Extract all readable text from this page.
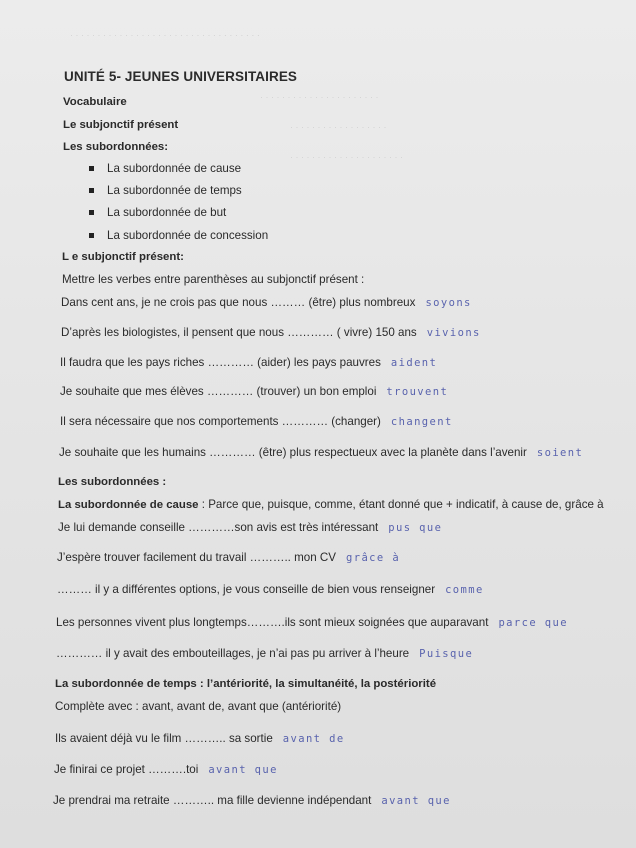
· · · · · · · · · · · · · · · · · · · · · · · · · · · · · · · · · · ·
· · · · · · · · · · · · · · · · · · · · · ·
· · · · · · · · · · · · · · · · · ·
· · · · · · · · · · · · · · · · · · · · ·
UNITÉ 5- JEUNES UNIVERSITAIRES
Vocabulaire
Le subjonctif présent
Les subordonnées:
La subordonnée de cause
La subordonnée de temps
La subordonnée de but
La subordonnée de concession
L e subjonctif présent:
Mettre les verbes entre parenthèses au subjonctif présent :
Dans cent ans, je ne crois pas que nous ……… (être) plus nombreux soyons
D’après les biologistes, il pensent que nous ………… ( vivre) 150 ans vivions
Il faudra que les pays riches ………… (aider) les pays pauvres aident
Je souhaite que mes élèves ………… (trouver) un bon emploi trouvent
Il sera nécessaire que nos comportements ………… (changer) changent
Je souhaite que les humains ………… (être) plus respectueux avec la planète dans l’avenir soient
Les subordonnées :
La subordonnée de cause : Parce que, puisque, comme, étant donné que + indicatif, à cause de, grâce à
Je lui demande conseille …………son avis est très intéressant pus que
J’espère trouver facilement du travail ……….. mon CV grâce à
……… il y a différentes options, je vous conseille de bien vous renseigner comme
Les personnes vivent plus longtemps……….ils sont mieux soignées que auparavant parce que
………… il y avait des embouteillages, je n’ai pas pu arriver à l’heure Puisque
La subordonnée de temps : l’antériorité, la simultanéité, la postériorité
Complète avec : avant, avant de, avant que (antériorité)
Ils avaient déjà vu le film ……….. sa sortie avant de
Je finirai ce projet ……….toi avant que
Je prendrai ma retraite ……….. ma fille devienne indépendant avant que
